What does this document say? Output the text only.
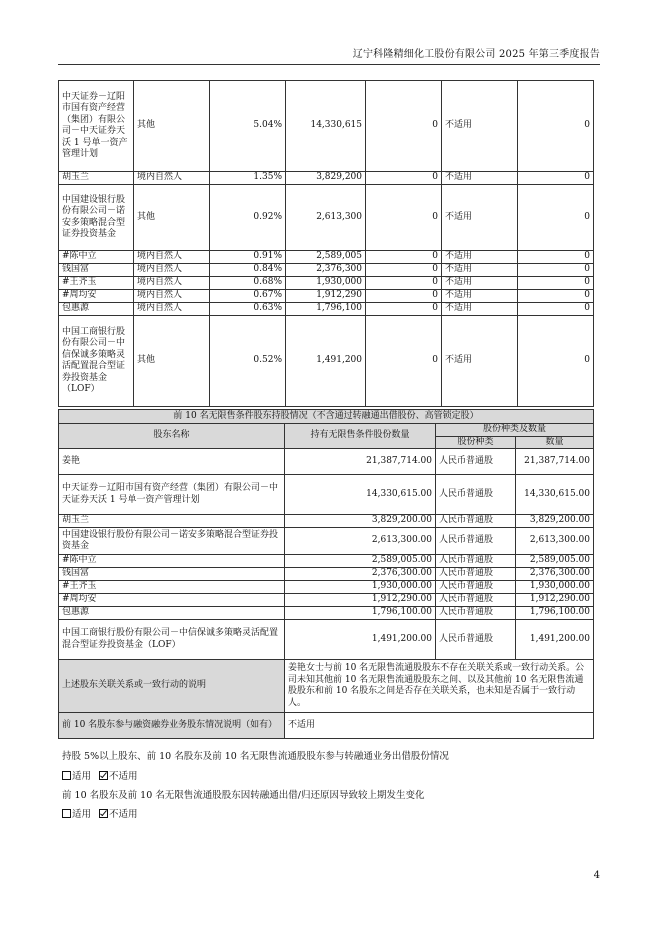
辽宁科隆精细化工股份有限公司 2025 年第三季度报告
中天证券－辽阳市国有资产经营（集团）有限公司－中天证券天沃 1 号单一资产管理计划	其他	5.04%	14,330,615	0	不适用	0
胡玉兰	境内自然人	1.35%	3,829,200	0	不适用	0
中国建设银行股份有限公司－诺安多策略混合型证券投资基金	其他	0.92%	2,613,300	0	不适用	0
#陈中立	境内自然人	0.91%	2,589,005	0	不适用	0
钱国富	境内自然人	0.84%	2,376,300	0	不适用	0
#王齐玉	境内自然人	0.68%	1,930,000	0	不适用	0
#周均安	境内自然人	0.67%	1,912,290	0	不适用	0
包惠源	境内自然人	0.63%	1,796,100	0	不适用	0
中国工商银行股份有限公司－中信保诚多策略灵活配置混合型证券投资基金（LOF）	其他	0.52%	1,491,200	0	不适用	0
前 10 名无限售条件股东持股情况（不含通过转融通出借股份、高管锁定股）			
股东名称	持有无限售条件股份数量	股份种类及数量	
		股份种类	数量
姜艳	21,387,714.00	人民币普通股	21,387,714.00
中天证券－辽阳市国有资产经营（集团）有限公司－中天证券天沃 1 号单一资产管理计划	14,330,615.00	人民币普通股	14,330,615.00
胡玉兰	3,829,200.00	人民币普通股	3,829,200.00
中国建设银行股份有限公司－诺安多策略混合型证券投资基金	2,613,300.00	人民币普通股	2,613,300.00
#陈中立	2,589,005.00	人民币普通股	2,589,005.00
钱国富	2,376,300.00	人民币普通股	2,376,300.00
#王齐玉	1,930,000.00	人民币普通股	1,930,000.00
#周均安	1,912,290.00	人民币普通股	1,912,290.00
包惠源	1,796,100.00	人民币普通股	1,796,100.00
中国工商银行股份有限公司－中信保诚多策略灵活配置混合型证券投资基金（LOF）	1,491,200.00	人民币普通股	1,491,200.00
上述股东关联关系或一致行动的说明	姜艳女士与前 10 名无限售流通股股东不存在关联关系或一致行动关系。公司未知其他前 10 名无限售流通股股东之间、以及其他前 10 名无限售流通股股东和前 10 名股东之间是否存在关联关系，也未知是否属于一致行动人。		
前 10 名股东参与融资融券业务股东情况说明（如有）	不适用		
持股 5%以上股东、前 10 名股东及前 10 名无限售流通股股东参与转融通业务出借股份情况
适用 不适用
前 10 名股东及前 10 名无限售流通股股东因转融通出借/归还原因导致较上期发生变化
适用 不适用
4
